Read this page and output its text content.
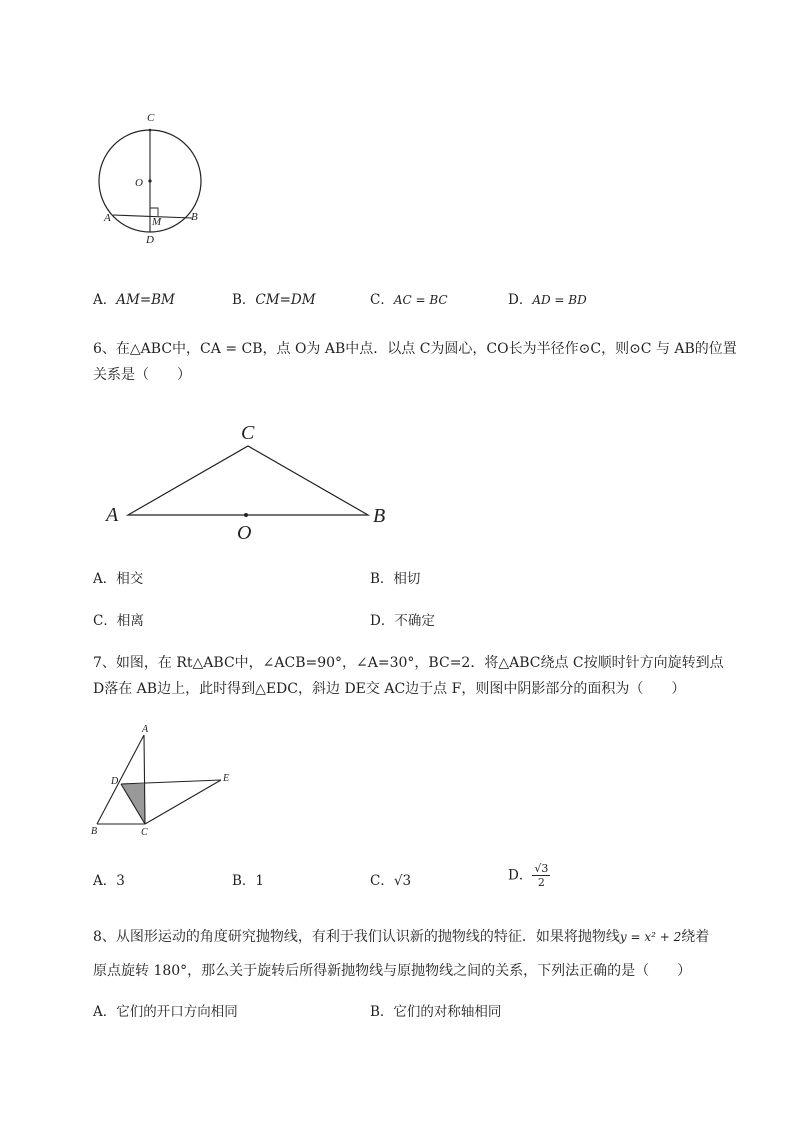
C
O
A	M	B
D
A．AM=BM	B．CM=DM	C．AC = BC	D．AD = BD
6、在△ABC中，CA = CB，点 O为 AB中点．以点 C为圆心，CO长为半径作⊙C，则⊙C 与 AB的位置
关系是（　　）
C
A
O
B
A．相交	B．相切
C．相离	D．不确定
7、如图，在 Rt△ABC中，∠ACB=90°，∠A=30°，BC=2．将△ABC绕点 C按顺时针方向旋转到点
D落在 AB边上，此时得到△EDC，斜边 DE交 AC边于点 F，则图中阴影部分的面积为（　　）
A
D	E
B	C
A．3	B．1	C．√3	D． $\frac{√3}{2}$
8、从图形运动的角度研究抛物线，有利于我们认识新的抛物线的特征．如果将抛物线y = x² + 2绕着
原点旋转 180°，那么关于旋转后所得新抛物线与原抛物线之间的关系，下列法正确的是（　　）
A．它们的开口方向相同	B．它们的对称轴相同
